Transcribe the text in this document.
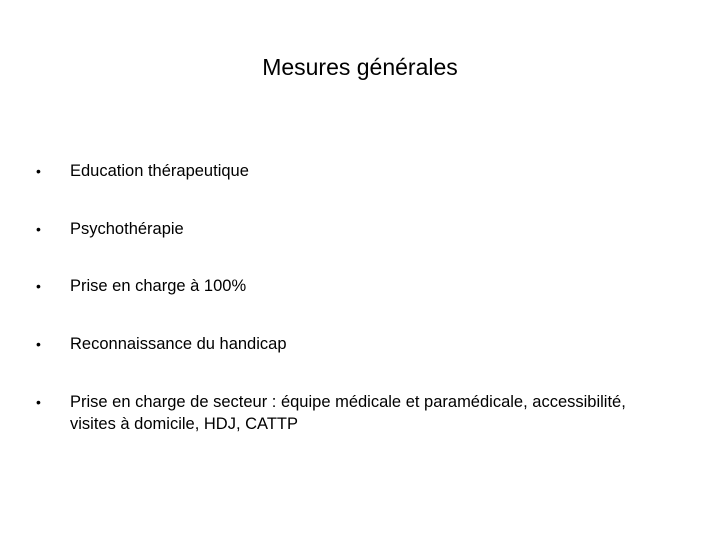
Mesures générales
•	Education thérapeutique
•	Psychothérapie
•	Prise en charge à 100%
•	Reconnaissance du handicap
•	Prise en charge de secteur : équipe médicale et paramédicale, accessibilité, visites à domicile, HDJ, CATTP
